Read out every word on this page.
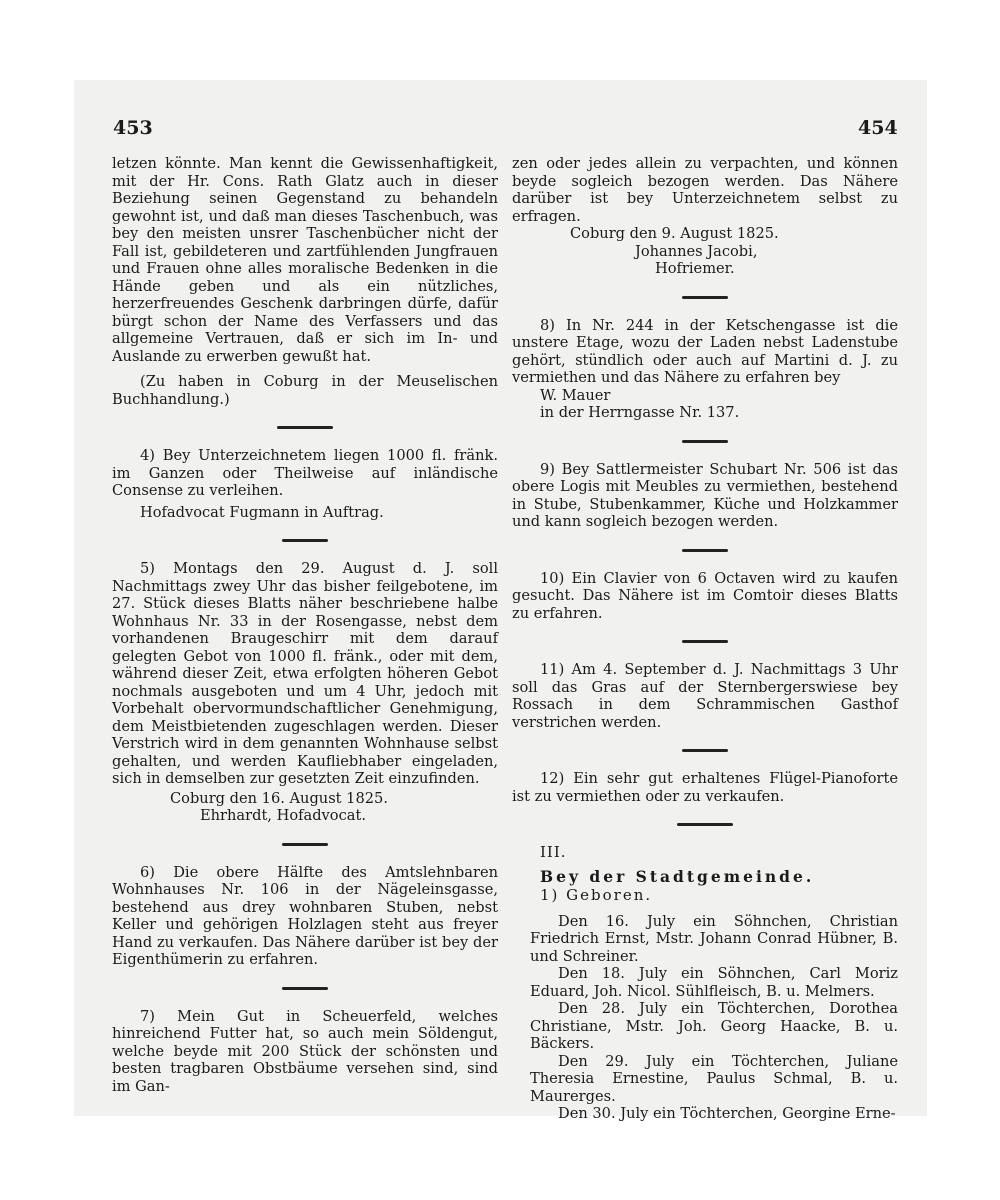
453	454

letzen könnte. Man kennt die Gewissenhaftigkeit, mit der Hr. Cons. Rath Glatz auch in dieser Beziehung seinen Gegenstand zu behandeln gewohnt ist, und daß man dieses Taschenbuch, was bey den meisten unsrer Taschenbücher nicht der Fall ist, gebildeteren und zartfühlenden Jungfrauen und Frauen ohne alles moralische Bedenken in die Hände geben und als ein nützliches, herzerfreuendes Geschenk darbringen dürfe, dafür bürgt schon der Name des Verfassers und das allgemeine Vertrauen, daß er sich im In- und Auslande zu erwerben gewußt hat.

(Zu haben in Coburg in der Meuselischen Buchhandlung.)

4) Bey Unterzeichnetem liegen 1000 fl. fränk. im Ganzen oder Theilweise auf inländische Consense zu verleihen.

Hofadvocat Fugmann in Auftrag.

5) Montags den 29. August d. J. soll Nachmittags zwey Uhr das bisher feilgebotene, im 27. Stück dieses Blatts näher beschriebene halbe Wohnhaus Nr. 33 in der Rosengasse, nebst dem vorhandenen Braugeschirr mit dem darauf gelegten Gebot von 1000 fl. fränk., oder mit dem, während dieser Zeit, etwa erfolgten höheren Gebot nochmals ausgeboten und um 4 Uhr, jedoch mit Vorbehalt obervormundschaftlicher Genehmigung, dem Meistbietenden zugeschlagen werden. Dieser Verstrich wird in dem genannten Wohnhause selbst gehalten, und werden Kaufliebhaber eingeladen, sich in demselben zur gesetzten Zeit einzufinden.

Coburg den 16. August 1825.

Ehrhardt, Hofadvocat.

6) Die obere Hälfte des Amtslehnbaren Wohnhauses Nr. 106 in der Nägeleinsgasse, bestehend aus drey wohnbaren Stuben, nebst Keller und gehörigen Holzlagen steht aus freyer Hand zu verkaufen. Das Nähere darüber ist bey der Eigenthümerin zu erfahren.

7) Mein Gut in Scheuerfeld, welches hinreichend Futter hat, so auch mein Söldengut, welche beyde mit 200 Stück der schönsten und besten tragbaren Obstbäume versehen sind, sind im Gan-

zen oder jedes allein zu verpachten, und können beyde sogleich bezogen werden. Das Nähere darüber ist bey Unterzeichnetem selbst zu erfragen.

Coburg den 9. August 1825.

Johannes Jacobi,

Hofriemer.

8) In Nr. 244 in der Ketschengasse ist die unstere Etage, wozu der Laden nebst Ladenstube gehört, stündlich oder auch auf Martini d. J. zu vermiethen und das Nähere zu erfahren bey

W. Mauer

in der Herrngasse Nr. 137.

9) Bey Sattlermeister Schubart Nr. 506 ist das obere Logis mit Meubles zu vermiethen, bestehend in Stube, Stubenkammer, Küche und Holzkammer und kann sogleich bezogen werden.

10) Ein Clavier von 6 Octaven wird zu kaufen gesucht. Das Nähere ist im Comtoir dieses Blatts zu erfahren.

11) Am 4. September d. J. Nachmittags 3 Uhr soll das Gras auf der Sternbergerswiese bey Rossach in dem Schrammischen Gasthof verstrichen werden.

12) Ein sehr gut erhaltenes Flügel-Pianoforte ist zu vermiethen oder zu verkaufen.

III.

Bey der Stadtgemeinde.

1) Geboren.

Den 16. July ein Söhnchen, Christian Friedrich Ernst, Mstr. Johann Conrad Hübner, B. und Schreiner.

Den 18. July ein Söhnchen, Carl Moriz Eduard, Joh. Nicol. Sühlfleisch, B. u. Melmers.

Den 28. July ein Töchterchen, Dorothea Christiane, Mstr. Joh. Georg Haacke, B. u. Bäckers.

Den 29. July ein Töchterchen, Juliane Theresia Ernestine, Paulus Schmal, B. u. Maurerges.

Den 30. July ein Töchterchen, Georgine Erne-
